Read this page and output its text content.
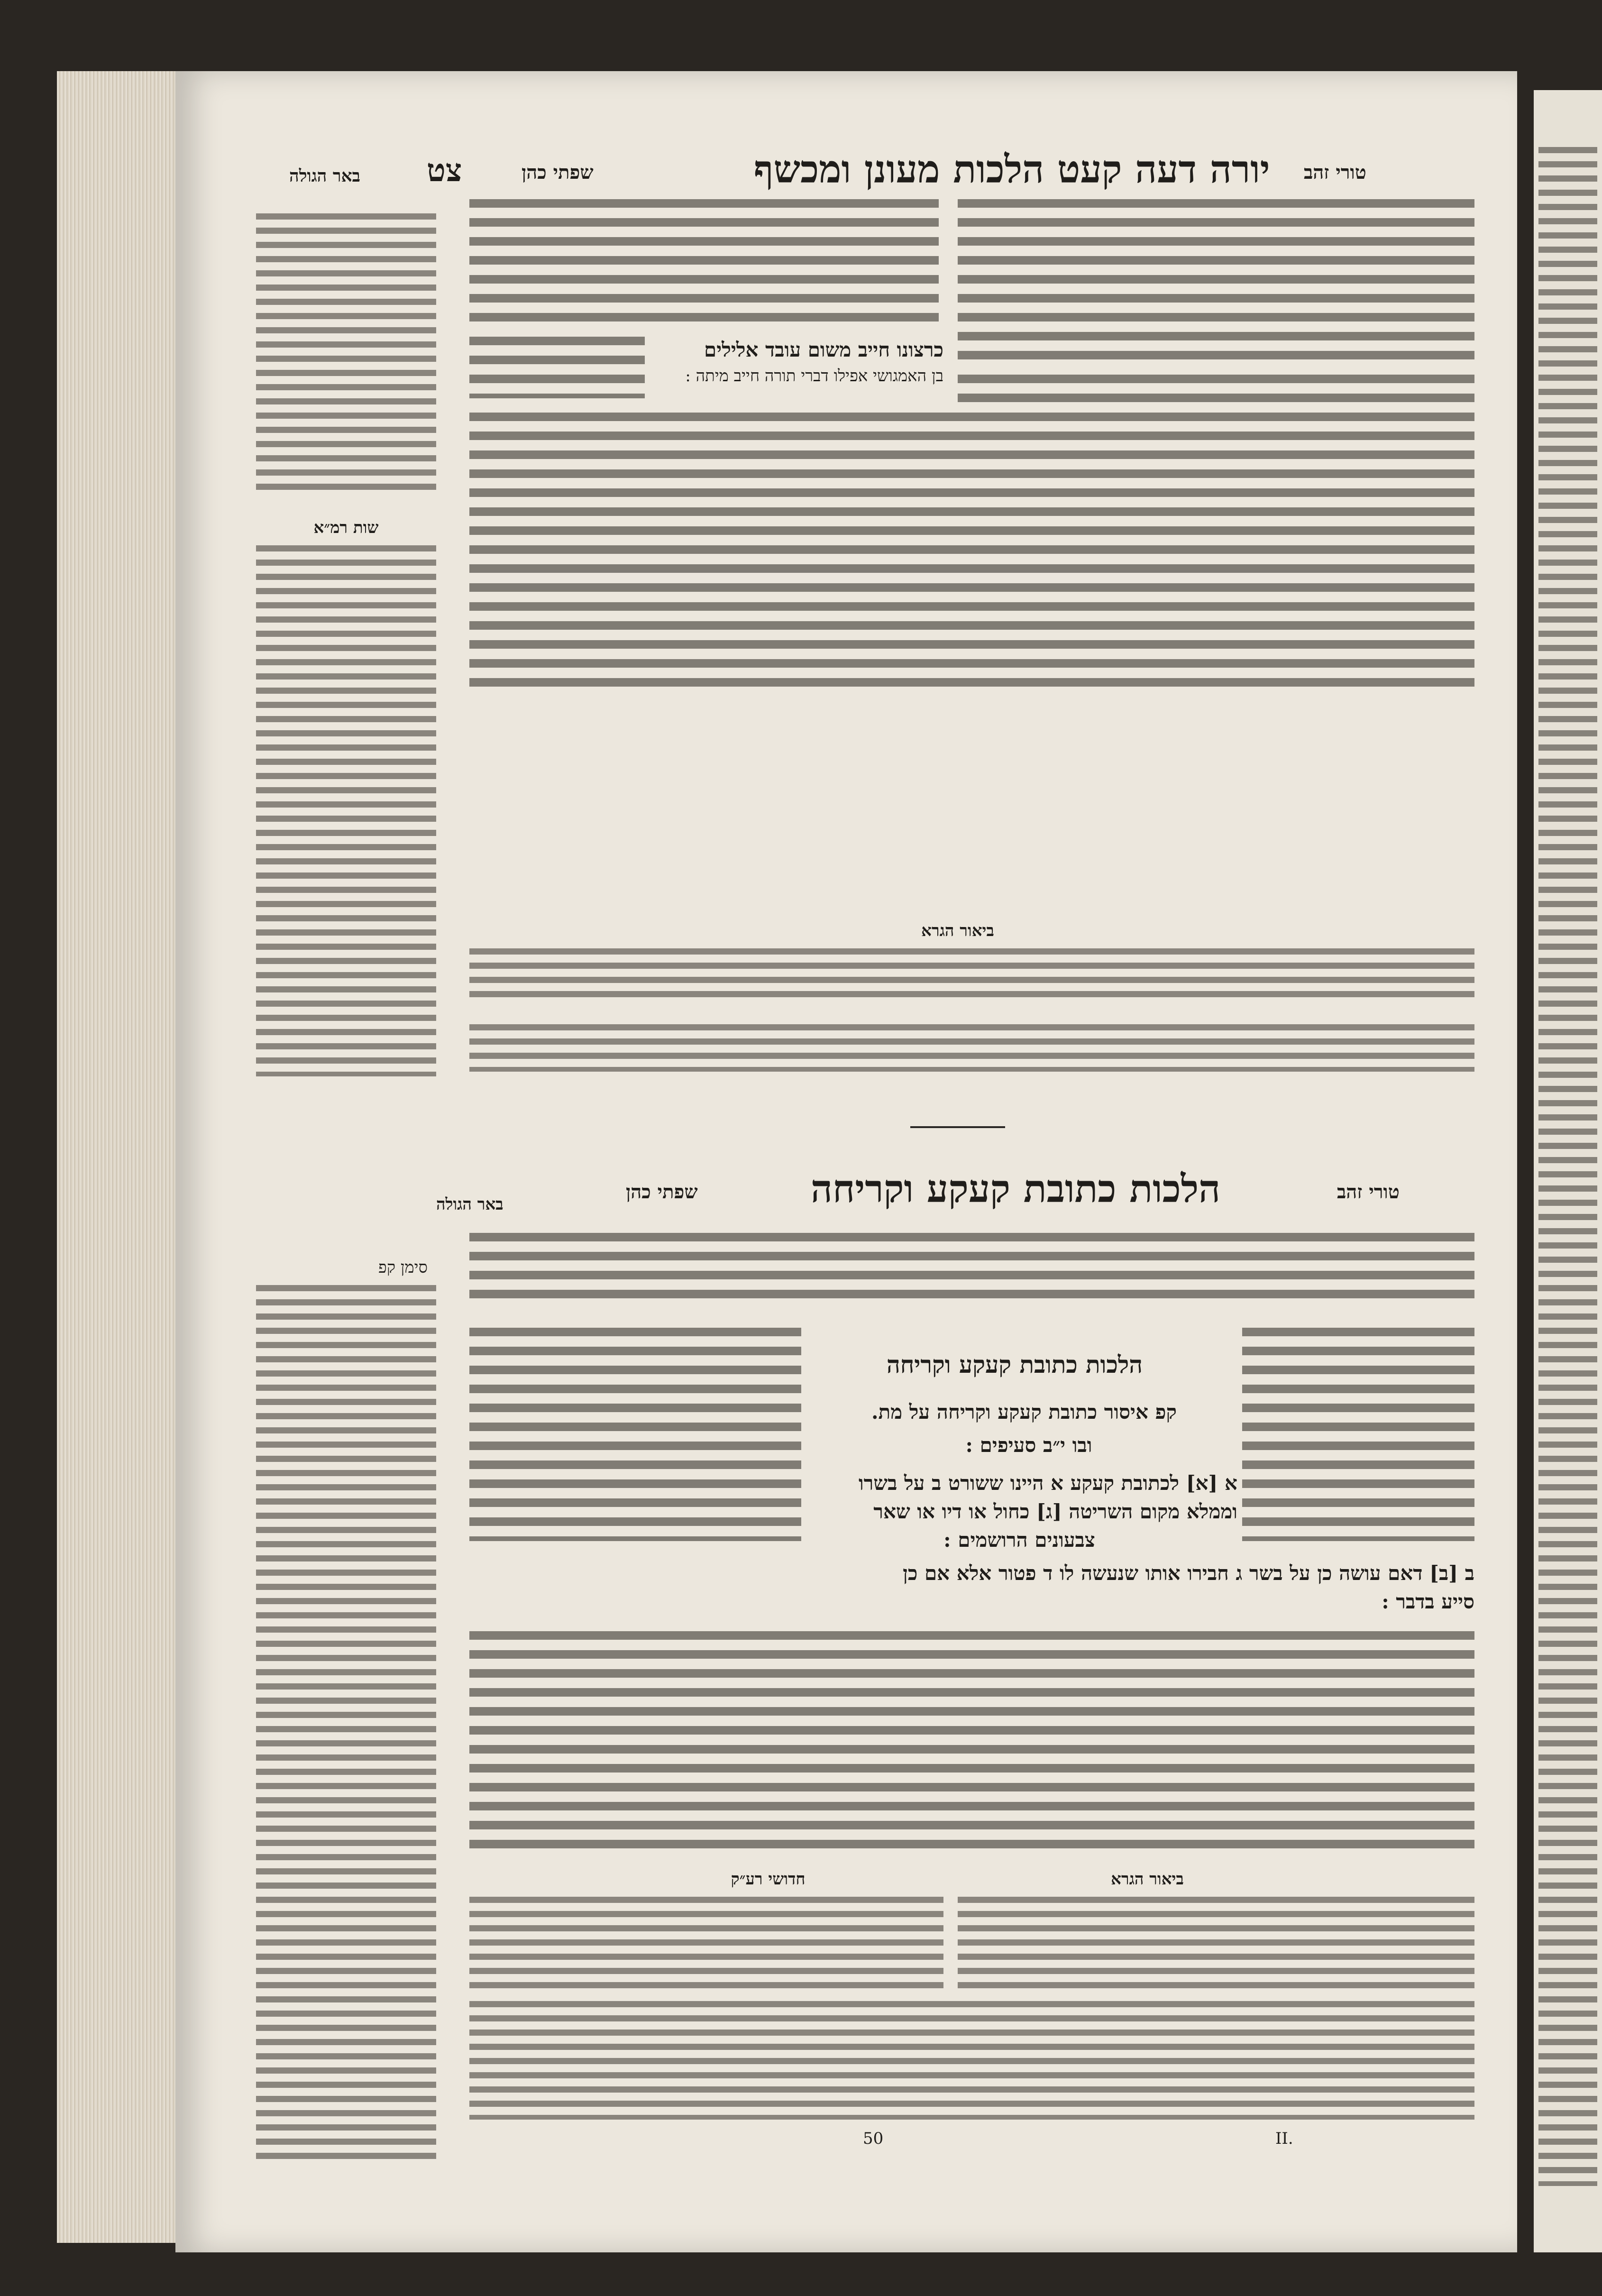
טורי זהב
יורה דעה קעט הלכות מעונן ומכשף
שפתי כהן
צט
באר הגולה
כרצונו חייב משום עובד אלילים
בן האמגושי אפילו דברי תורה חייב מיתה :
שות רמ״א
ביאור הגרא
טורי זהב
הלכות כתובת קעקע וקריחה
שפתי כהן
באר הגולה
סימן קפ
הלכות כתובת קעקע וקריחה
קפ איסור כתובת קעקע וקריחה על מת.
ובו י״ב סעיפים :
א [א] לכתובת קעקע א היינו ששורט ב על בשרו
וממלא מקום השריטה [ג] כחול או דיו או שאר
צבעונים הרושמים :
ב [ב] דאם עושה כן על בשר ג חבירו אותו שנעשה לו ד פטור אלא אם כן
סייע בדבר :
ביאור הגרא
חדושי רע״ק
50	II.
